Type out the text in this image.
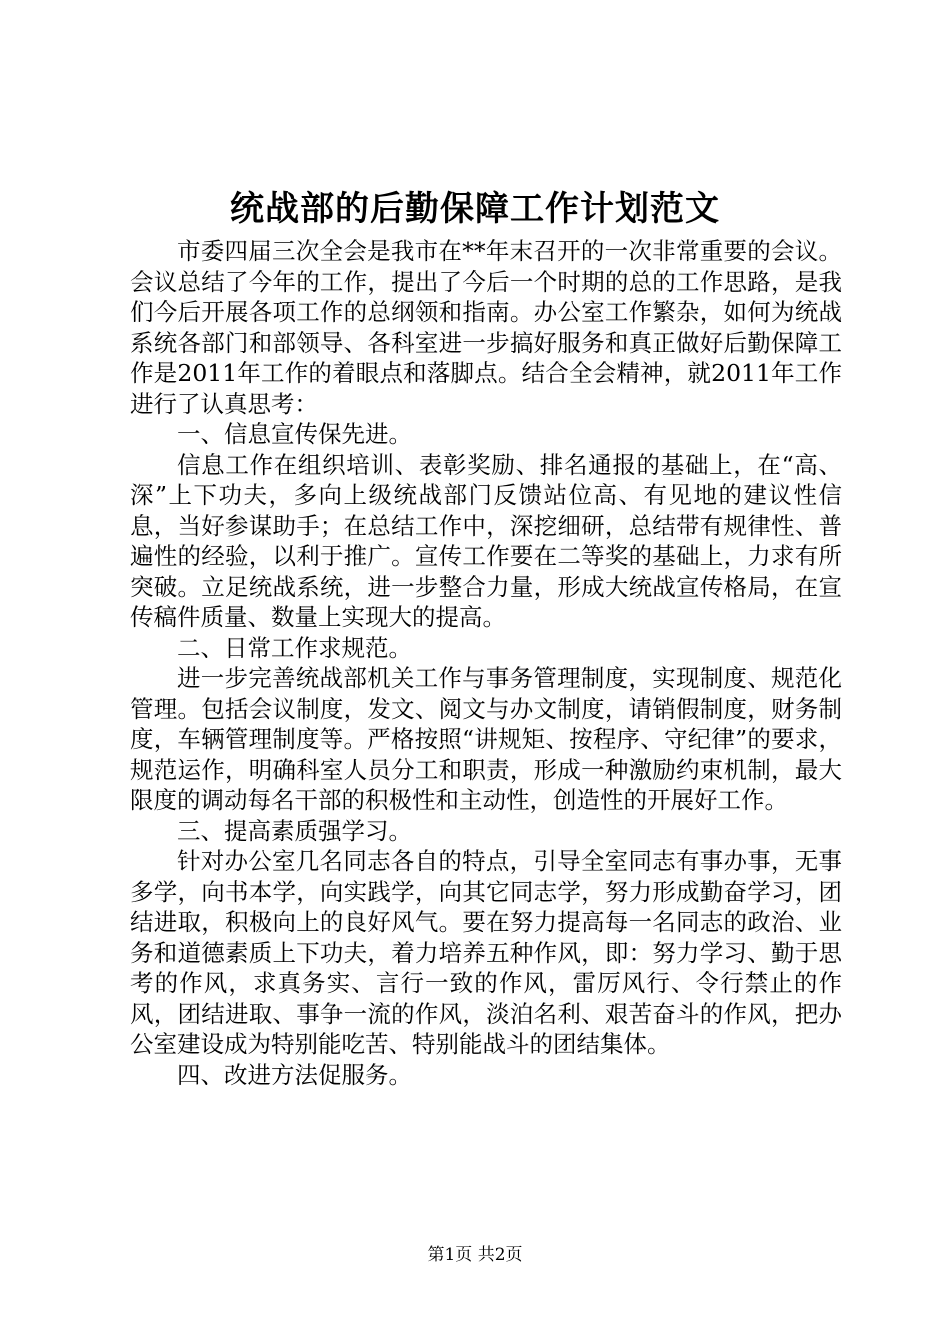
统战部的后勤保障工作计划范文

市委四届三次全会是我市在**年末召开的一次非常重要的会议。会议总结了今年的工作，提出了今后一个时期的总的工作思路，是我们今后开展各项工作的总纲领和指南。办公室工作繁杂，如何为统战系统各部门和部领导、各科室进一步搞好服务和真正做好后勤保障工作是2011年工作的着眼点和落脚点。结合全会精神，就2011年工作进行了认真思考：

一、信息宣传保先进。

信息工作在组织培训、表彰奖励、排名通报的基础上，在“高、深”上下功夫，多向上级统战部门反馈站位高、有见地的建议性信息，当好参谋助手；在总结工作中，深挖细研，总结带有规律性、普遍性的经验，以利于推广。宣传工作要在二等奖的基础上，力求有所突破。立足统战系统，进一步整合力量，形成大统战宣传格局，在宣传稿件质量、数量上实现大的提高。

二、日常工作求规范。

进一步完善统战部机关工作与事务管理制度，实现制度、规范化管理。包括会议制度，发文、阅文与办文制度，请销假制度，财务制度，车辆管理制度等。严格按照“讲规矩、按程序、守纪律”的要求，规范运作，明确科室人员分工和职责，形成一种激励约束机制，最大限度的调动每名干部的积极性和主动性，创造性的开展好工作。

三、提高素质强学习。

针对办公室几名同志各自的特点，引导全室同志有事办事，无事多学，向书本学，向实践学，向其它同志学，努力形成勤奋学习，团结进取，积极向上的良好风气。要在努力提高每一名同志的政治、业务和道德素质上下功夫，着力培养五种作风，即：努力学习、勤于思考的作风，求真务实、言行一致的作风，雷厉风行、令行禁止的作风，团结进取、事争一流的作风，淡泊名利、艰苦奋斗的作风，把办公室建设成为特别能吃苦、特别能战斗的团结集体。

四、改进方法促服务。

第1页 共2页
